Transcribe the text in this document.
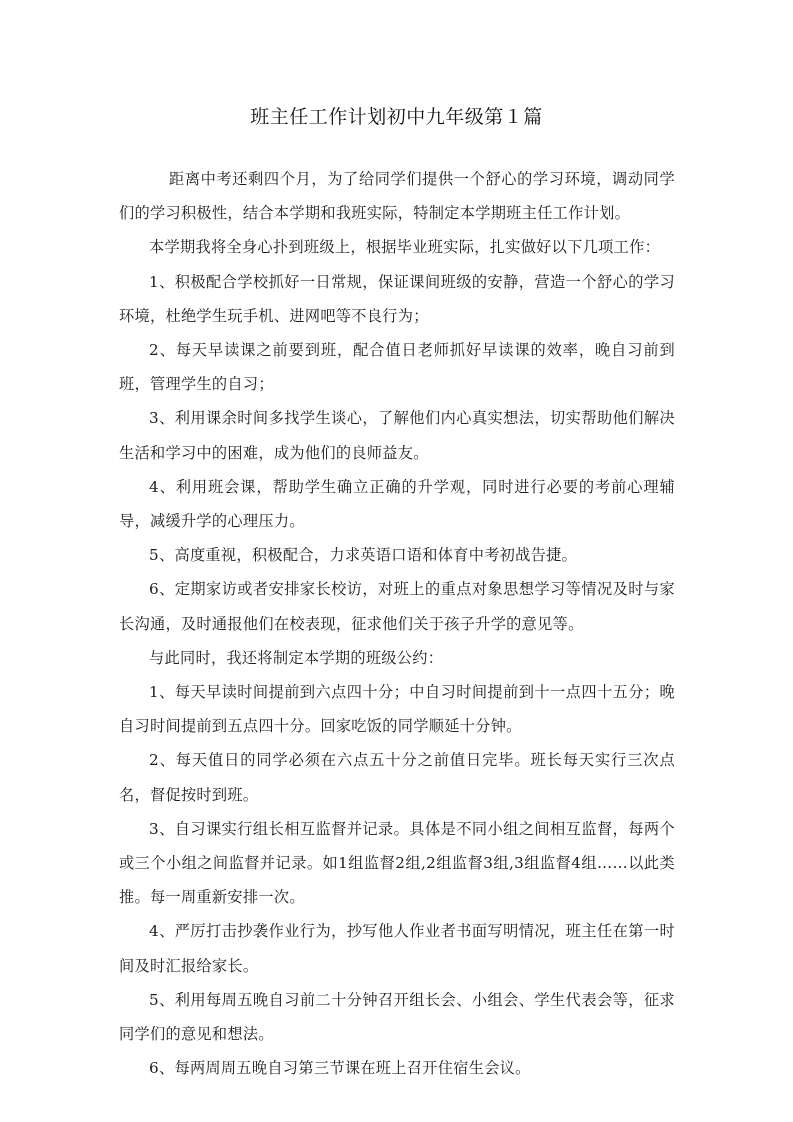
班主任工作计划初中九年级第１篇

距离中考还剩四个月，为了给同学们提供一个舒心的学习环境，调动同学们的学习积极性，结合本学期和我班实际，特制定本学期班主任工作计划。

本学期我将全身心扑到班级上，根据毕业班实际，扎实做好以下几项工作：

1、积极配合学校抓好一日常规，保证课间班级的安静，营造一个舒心的学习环境，杜绝学生玩手机、进网吧等不良行为；

2、每天早读课之前要到班，配合值日老师抓好早读课的效率，晚自习前到班，管理学生的自习；

3、利用课余时间多找学生谈心，了解他们内心真实想法，切实帮助他们解决生活和学习中的困难，成为他们的良师益友。

4、利用班会课，帮助学生确立正确的升学观，同时进行必要的考前心理辅导，减缓升学的心理压力。

5、高度重视，积极配合，力求英语口语和体育中考初战告捷。

6、定期家访或者安排家长校访，对班上的重点对象思想学习等情况及时与家长沟通，及时通报他们在校表现，征求他们关于孩子升学的意见等。

与此同时，我还将制定本学期的班级公约：

1、每天早读时间提前到六点四十分；中自习时间提前到十一点四十五分；晚自习时间提前到五点四十分。回家吃饭的同学顺延十分钟。

2、每天值日的同学必须在六点五十分之前值日完毕。班长每天实行三次点名，督促按时到班。

3、自习课实行组长相互监督并记录。具体是不同小组之间相互监督，每两个或三个小组之间监督并记录。如1组监督2组,2组监督3组,3组监督4组……以此类推。每一周重新安排一次。

4、严厉打击抄袭作业行为，抄写他人作业者书面写明情况，班主任在第一时间及时汇报给家长。

5、利用每周五晚自习前二十分钟召开组长会、小组会、学生代表会等，征求同学们的意见和想法。

6、每两周周五晚自习第三节课在班上召开住宿生会议。
